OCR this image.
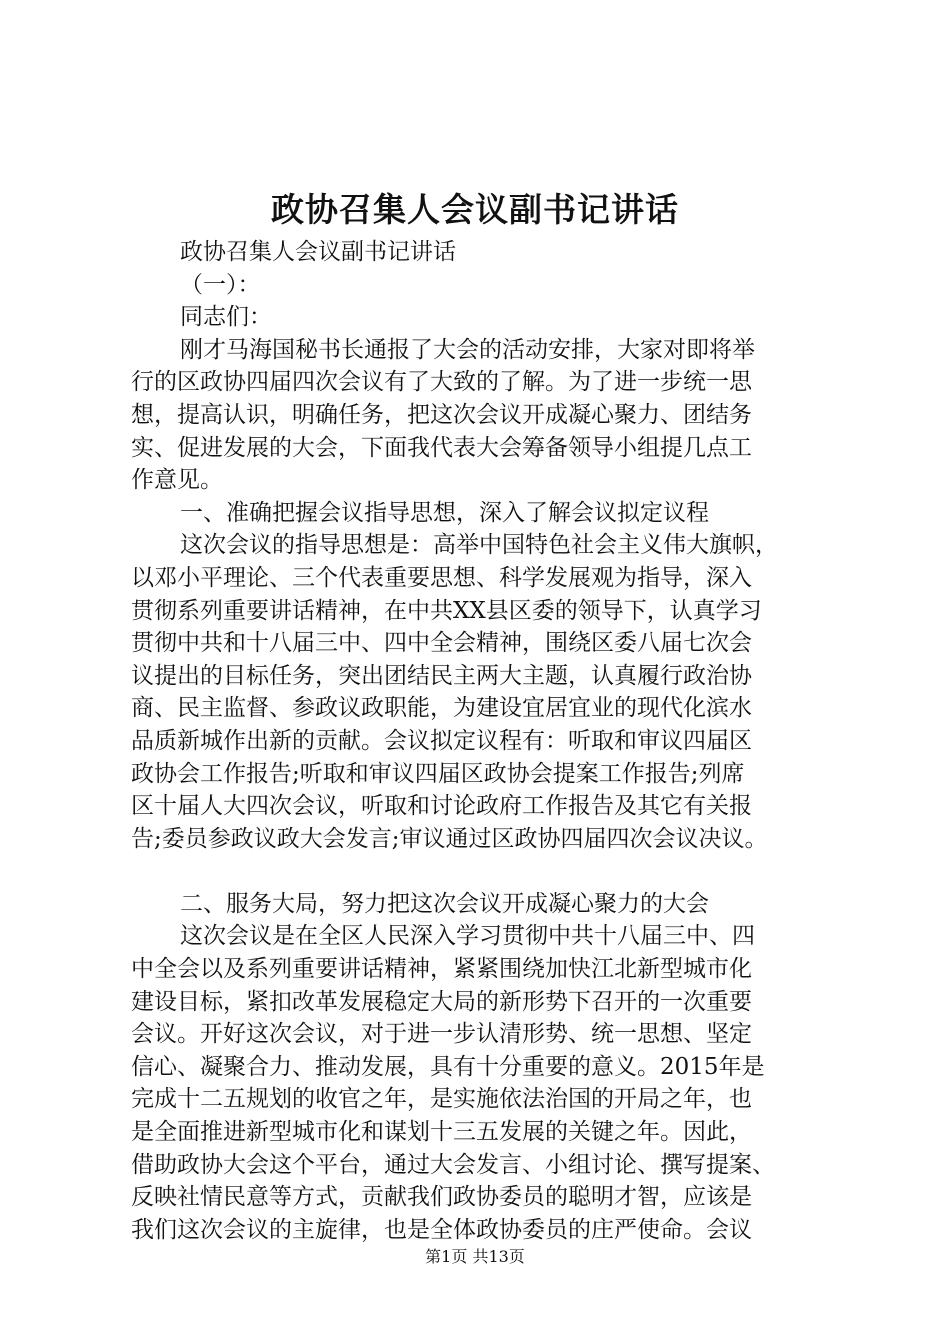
政协召集人会议副书记讲话
政协召集人会议副书记讲话
（一）：
同志们：
刚才马海国秘书长通报了大会的活动安排，大家对即将举
行的区政协四届四次会议有了大致的了解。为了进一步统一思
想，提高认识，明确任务，把这次会议开成凝心聚力、团结务
实、促进发展的大会，下面我代表大会筹备领导小组提几点工
作意见。
一、准确把握会议指导思想，深入了解会议拟定议程
这次会议的指导思想是：高举中国特色社会主义伟大旗帜，
以邓小平理论、三个代表重要思想、科学发展观为指导，深入
贯彻系列重要讲话精神，在中共XX县区委的领导下，认真学习
贯彻中共和十八届三中、四中全会精神，围绕区委八届七次会
议提出的目标任务，突出团结民主两大主题，认真履行政治协
商、民主监督、参政议政职能，为建设宜居宜业的现代化滨水
品质新城作出新的贡献。会议拟定议程有：听取和审议四届区
政协会工作报告;听取和审议四届区政协会提案工作报告;列席
区十届人大四次会议，听取和讨论政府工作报告及其它有关报
告;委员参政议政大会发言;审议通过区政协四届四次会议决议。
二、服务大局，努力把这次会议开成凝心聚力的大会
这次会议是在全区人民深入学习贯彻中共十八届三中、四
中全会以及系列重要讲话精神，紧紧围绕加快江北新型城市化
建设目标，紧扣改革发展稳定大局的新形势下召开的一次重要
会议。开好这次会议，对于进一步认清形势、统一思想、坚定
信心、凝聚合力、推动发展，具有十分重要的意义。2015年是
完成十二五规划的收官之年，是实施依法治国的开局之年，也
是全面推进新型城市化和谋划十三五发展的关键之年。因此，
借助政协大会这个平台，通过大会发言、小组讨论、撰写提案、
反映社情民意等方式，贡献我们政协委员的聪明才智，应该是
我们这次会议的主旋律，也是全体政协委员的庄严使命。会议
第1页 共13页
